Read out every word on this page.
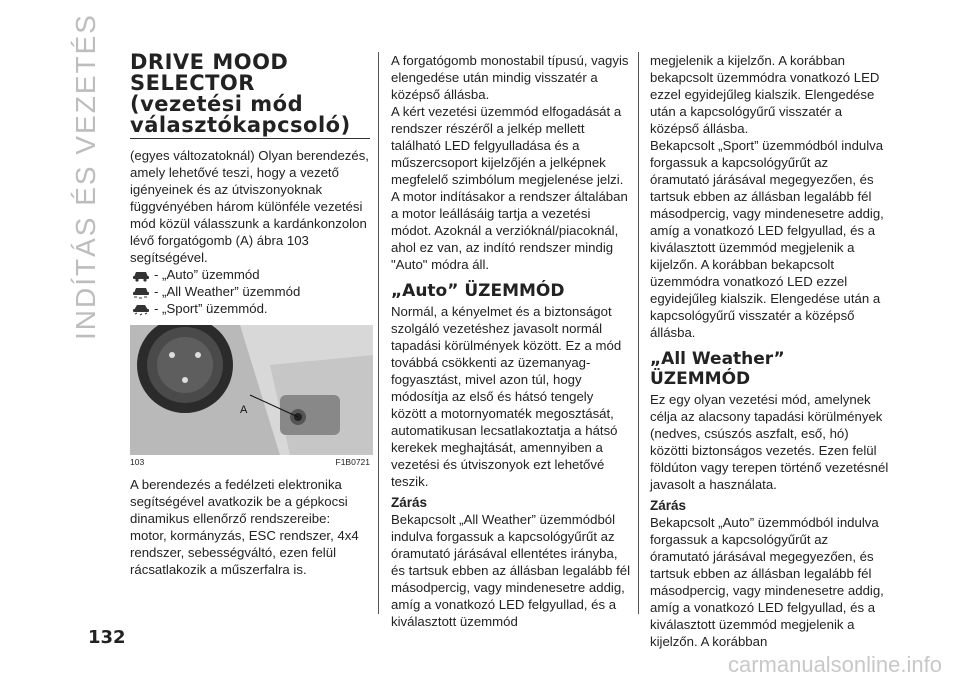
INDÍTÁS ÉS VEZETÉS
132
DRIVE MOOD
SELECTOR
(vezetési mód
választókapcsoló)

(egyes változatoknál) Olyan berendezés, amely lehetővé teszi, hogy a vezető igényeinek és az útviszonyoknak függvényében három különféle vezetési mód közül válasszunk a kardánkonzolon lévő forgatógomb (A) ábra 103 segítségével.

- „Auto” üzemmód
- „All Weather” üzemmód
- „Sport” üzemmód.
A
103	F1B0721

A berendezés a fedélzeti elektronika segítségével avatkozik be a gépkocsi dinamikus ellenőrző rendszereibe: motor, kormányzás, ESC rendszer, 4x4 rendszer, sebességváltó, ezen felül rácsatlakozik a műszerfalra is.

A forgatógomb monostabil típusú, vagyis elengedése után mindig visszatér a középső állásba.

A kért vezetési üzemmód elfogadását a rendszer részéről a jelkép mellett található LED felgyulladása és a műszercsoport kijelzőjén a jelképnek megfelelő szimbólum megjelenése jelzi.

A motor indításakor a rendszer általában a motor leállásáig tartja a vezetési módot. Azoknál a verzióknál/piacoknál, ahol ez van, az indító rendszer mindig "Auto" módra áll.

„Auto” ÜZEMMÓD

Normál, a kényelmet és a biztonságot szolgáló vezetéshez javasolt normál tapadási körülmények között. Ez a mód továbbá csökkenti az üzemanyag-fogyasztást, mivel azon túl, hogy módosítja az első és hátsó tengely között a motornyomaték megosztását, automatikusan lecsatlakoztatja a hátsó kerekek meghajtását, amennyiben a vezetési és útviszonyok ezt lehetővé teszik.

Zárás

Bekapcsolt „All Weather” üzemmódból indulva forgassuk a kapcsológyűrűt az óramutató járásával ellentétes irányba, és tartsuk ebben az állásban legalább fél másodpercig, vagy mindenesetre addig, amíg a vonatkozó LED felgyullad, és a kiválasztott üzemmód

megjelenik a kijelzőn. A korábban bekapcsolt üzemmódra vonatkozó LED ezzel egyidejűleg kialszik. Elengedése után a kapcsológyűrű visszatér a középső állásba.

Bekapcsolt „Sport” üzemmódból indulva forgassuk a kapcsológyűrűt az óramutató járásával megegyezően, és tartsuk ebben az állásban legalább fél másodpercig, vagy mindenesetre addig, amíg a vonatkozó LED felgyullad, és a kiválasztott üzemmód megjelenik a kijelzőn. A korábban bekapcsolt üzemmódra vonatkozó LED ezzel egyidejűleg kialszik. Elengedése után a kapcsológyűrű visszatér a középső állásba.

„All Weather” ÜZEMMÓD

Ez egy olyan vezetési mód, amelynek célja az alacsony tapadási körülmények (nedves, csúszós aszfalt, eső, hó) közötti biztonságos vezetés. Ezen felül földúton vagy terepen történő vezetésnél javasolt a használata.

Zárás

Bekapcsolt „Auto” üzemmódból indulva forgassuk a kapcsológyűrűt az óramutató járásával megegyezően, és tartsuk ebben az állásban legalább fél másodpercig, vagy mindenesetre addig, amíg a vonatkozó LED felgyullad, és a kiválasztott üzemmód megjelenik a kijelzőn. A korábban

carmanualsonline.info
